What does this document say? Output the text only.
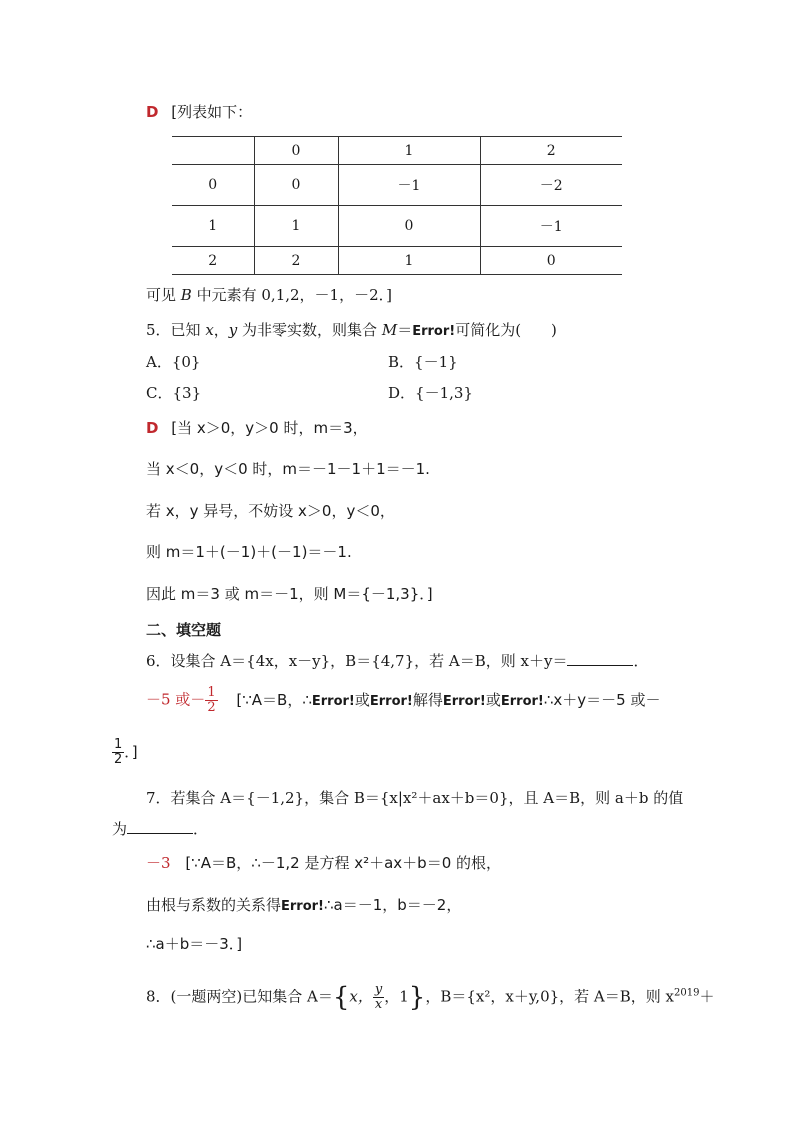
D [列表如下：
	0	1	2
0	0	－1	－2
1	1	0	－1
2	2	1	0
可见 B 中元素有 0,1,2，－1，－2．]
5．已知 x，y 为非零实数，则集合 M＝Error!可简化为(　　)
A．{0}	B．{－1}
C．{3}	D．{－1,3}
D [当 x＞0，y＞0 时，m＝3，
当 x＜0，y＜0 时，m＝－1－1＋1＝－1.
若 x，y 异号，不妨设 x＞0，y＜0，
则 m＝1＋(－1)＋(－1)＝－1.
因此 m＝3 或 m＝－1，则 M＝{－1,3}．]
二、填空题
6．设集合 A＝{4x，x－y}，B＝{4,7}，若 A＝B，则 x＋y＝	．
－5 或－ $\frac{1}{2}$ [∵A＝B，∴Error!或Error!解得Error!或Error!∴x＋y＝－5 或－
$\frac{1}{2}$ ．]
7．若集合 A＝{－1,2}，集合 B＝{x|x²＋ax＋b＝0}，且 A＝B，则 a＋b 的值
为	．
－3 [∵A＝B，∴－1,2 是方程 x²＋ax＋b＝0 的根，
由根与系数的关系得Error!∴a＝－1，b＝－2，
∴a＋b＝－3．]
8．(一题两空)已知集合 A＝{x， $\frac{y}{x}$ ，1}，B＝{x²，x＋y,0}，若 A＝B，则 $x^{2019}+$
